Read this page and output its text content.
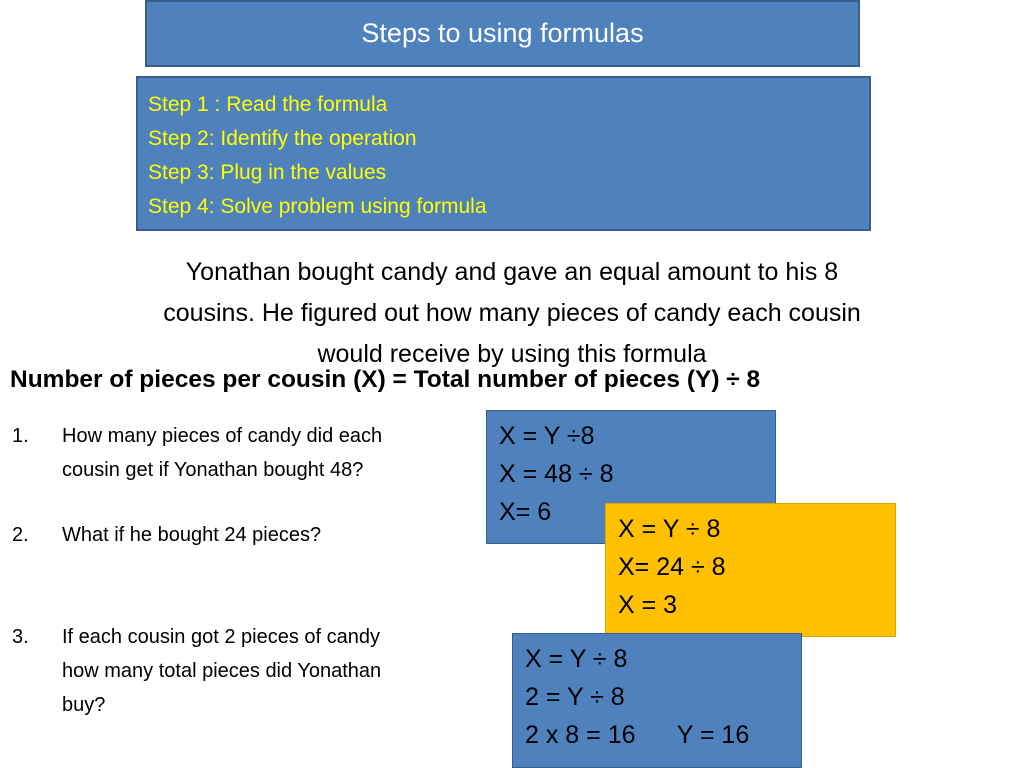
Steps to using formulas
Step 1 : Read the formula
Step 2: Identify the operation
Step 3: Plug in the values
Step 4: Solve problem using formula
Yonathan bought candy and gave an equal amount to his 8
cousins. He figured out how many pieces of candy each cousin
would receive by using this formula
Number of pieces per cousin (X) = Total number of pieces (Y) ÷ 8
1. How many pieces of candy did each
cousin get if Yonathan bought 48?
2. What if he bought 24 pieces?
3. If each cousin got 2 pieces of candy
how many total pieces did Yonathan
buy?
X = Y ÷8
X = 48 ÷ 8
X= 6
X = Y ÷ 8
X= 24 ÷ 8
X = 3
X = Y ÷ 8
2 = Y ÷ 8
2 x 8 = 16      Y = 16
